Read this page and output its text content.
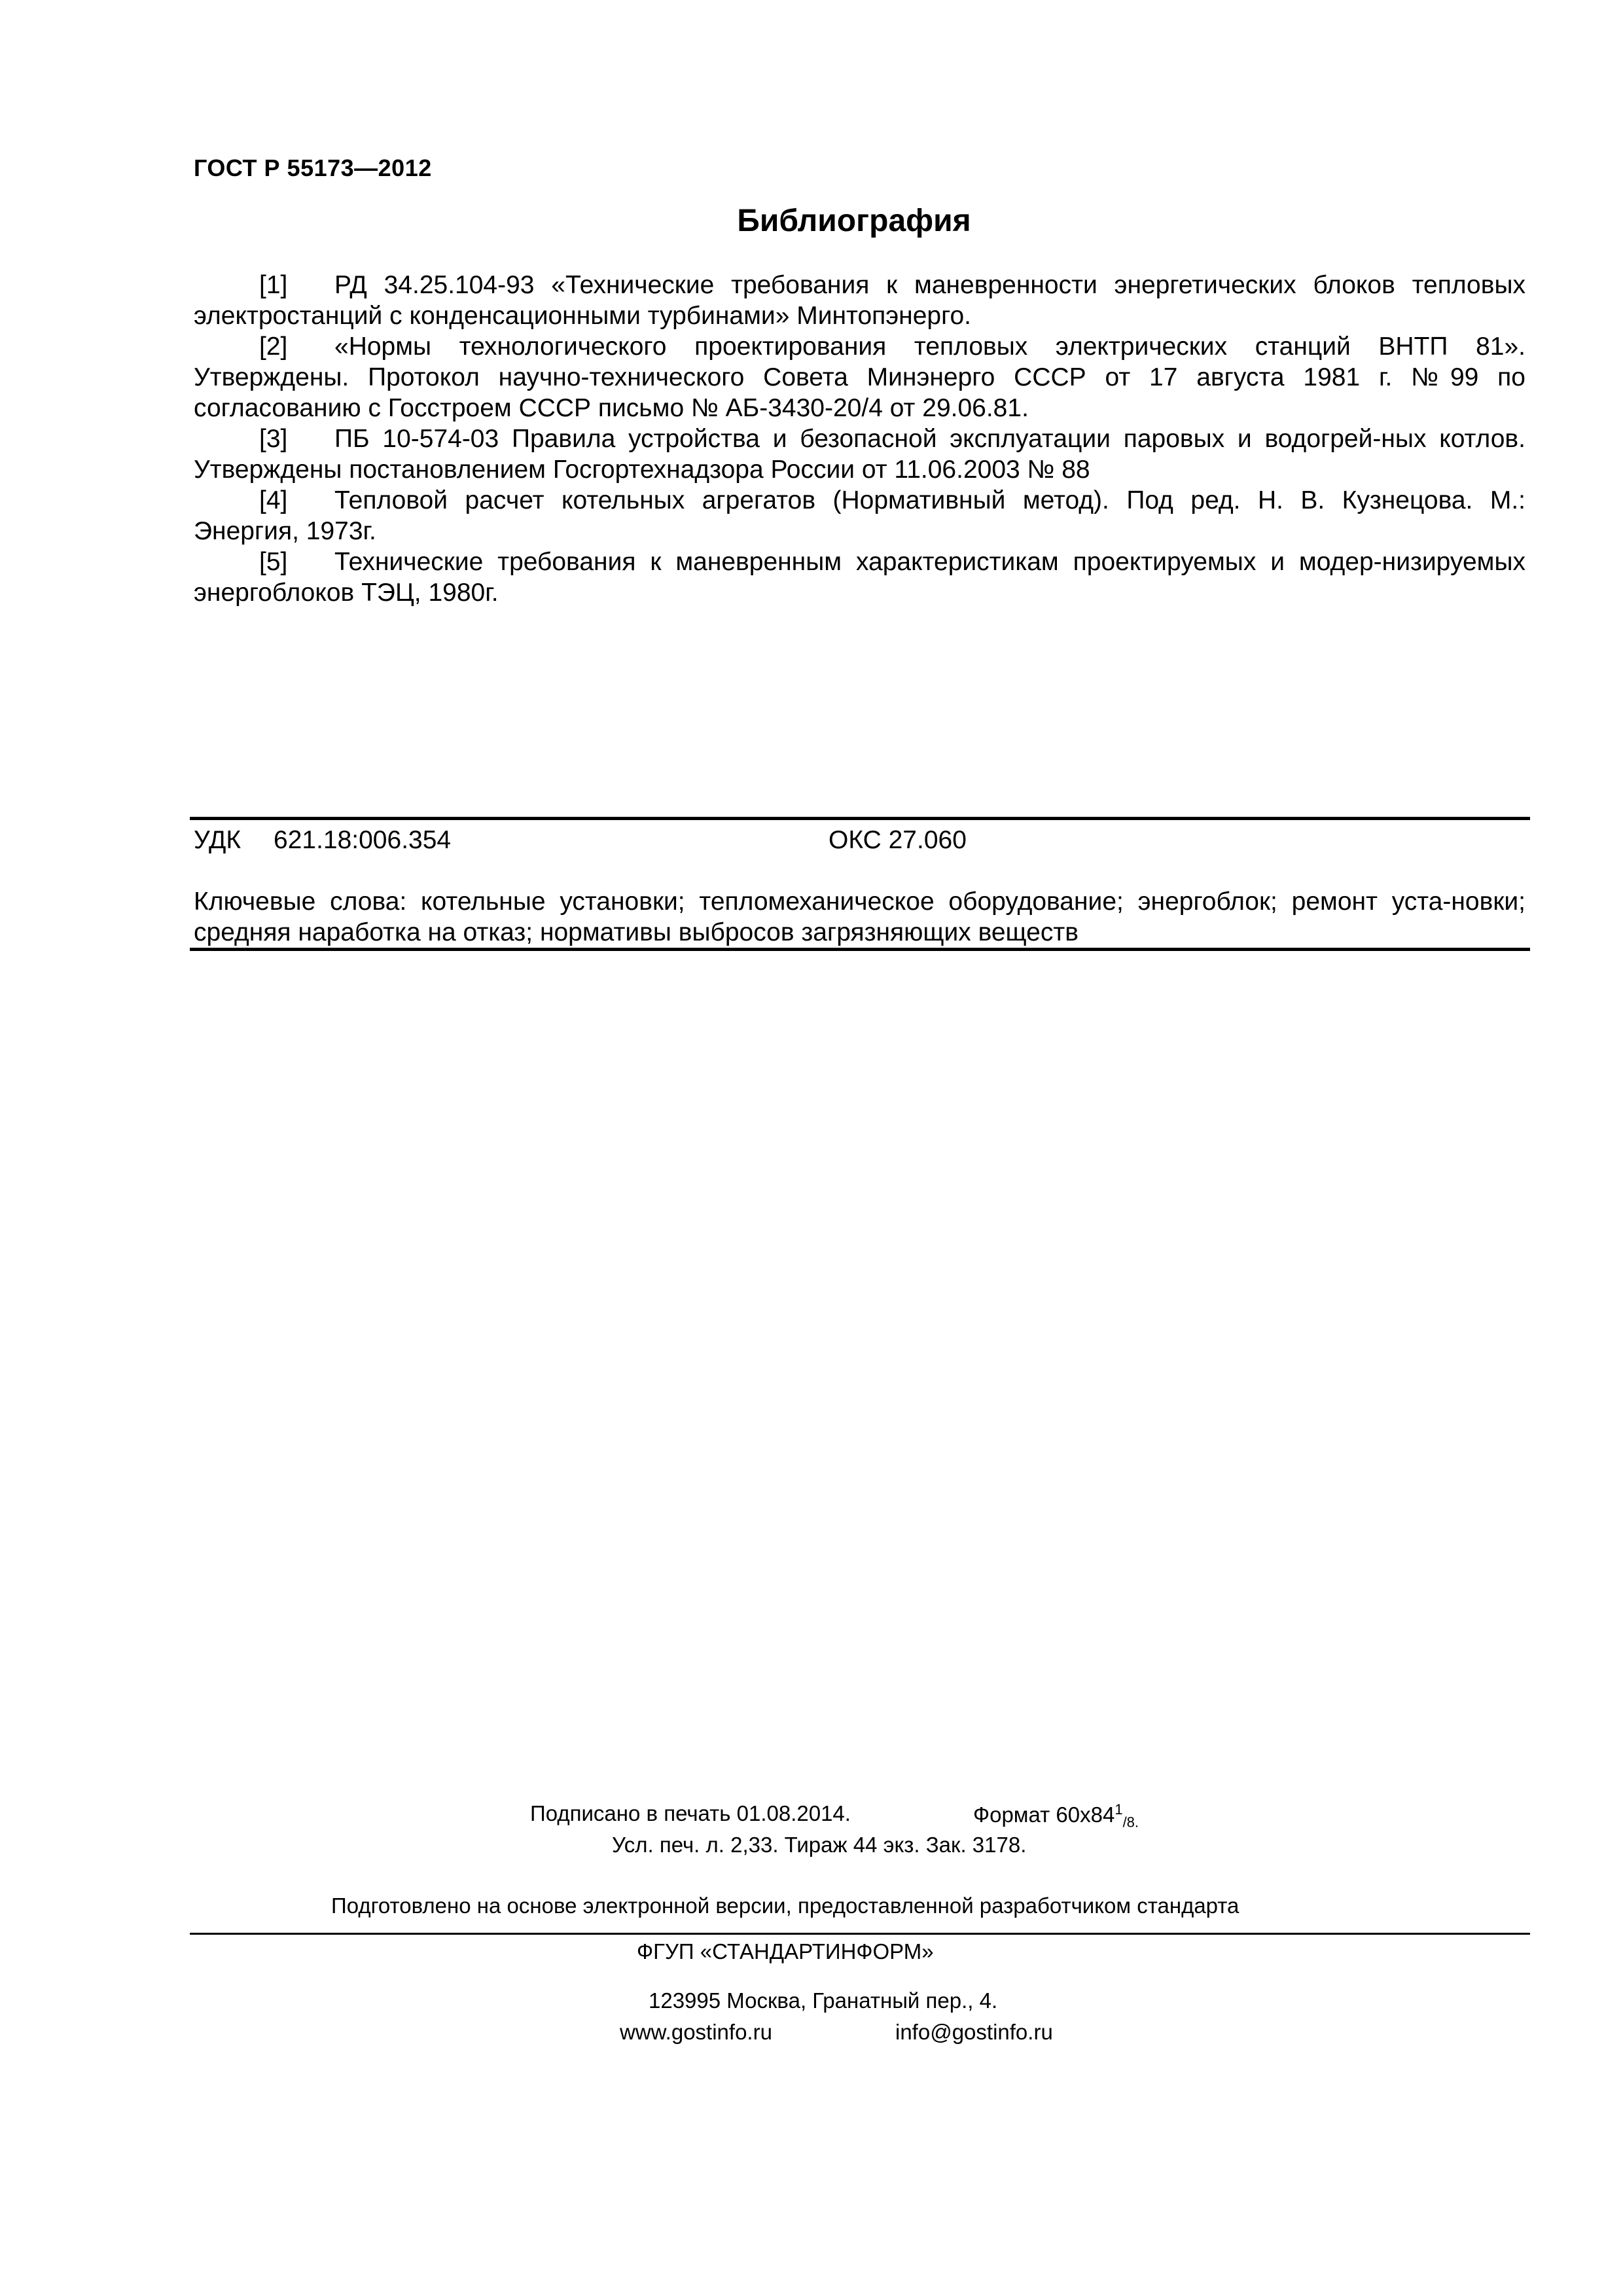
ГОСТ Р 55173—2012
Библиография

[1] РД 34.25.104-93 «Технические требования к маневренности энергетических блоков тепловых электростанций с конденсационными турбинами» Минтопэнерго.

[2] «Нормы технологического проектирования тепловых электрических станций ВНТП 81». Утверждены. Протокол научно-технического Совета Минэнерго СССР от 17 августа 1981 г. №99 по согласованию с Госстроем СССР письмо № АБ-3430-20/4 от 29.06.81.

[3] ПБ 10-574-03 Правила устройства и безопасной эксплуатации паровых и водогрей-ных котлов. Утверждены постановлением Госгортехнадзора России от 11.06.2003 № 88

[4] Тепловой расчет котельных агрегатов (Нормативный метод). Под ред. Н. В. Кузнецова. М.: Энергия, 1973г.

[5] Технические требования к маневренным характеристикам проектируемых и модер-низируемых энергоблоков ТЭЦ, 1980г.

УДК 621.18:006.354	ОКС 27.060
Ключевые слова: котельные установки; тепломеханическое оборудование; энергоблок; ремонт уста-новки; средняя наработка на отказ; нормативы выбросов загрязняющих веществ
Подписано в печать 01.08.2014.	Формат $60x84^1_{/8.}$
Усл. печ. л. 2,33. Тираж 44 экз. Зак. 3178.
Подготовлено на основе электронной версии, предоставленной разработчиком стандарта
ФГУП «СТАНДАРТИНФОРМ»
123995 Москва, Гранатный пер., 4.
www.gostinfo.ru	info@gostinfo.ru
